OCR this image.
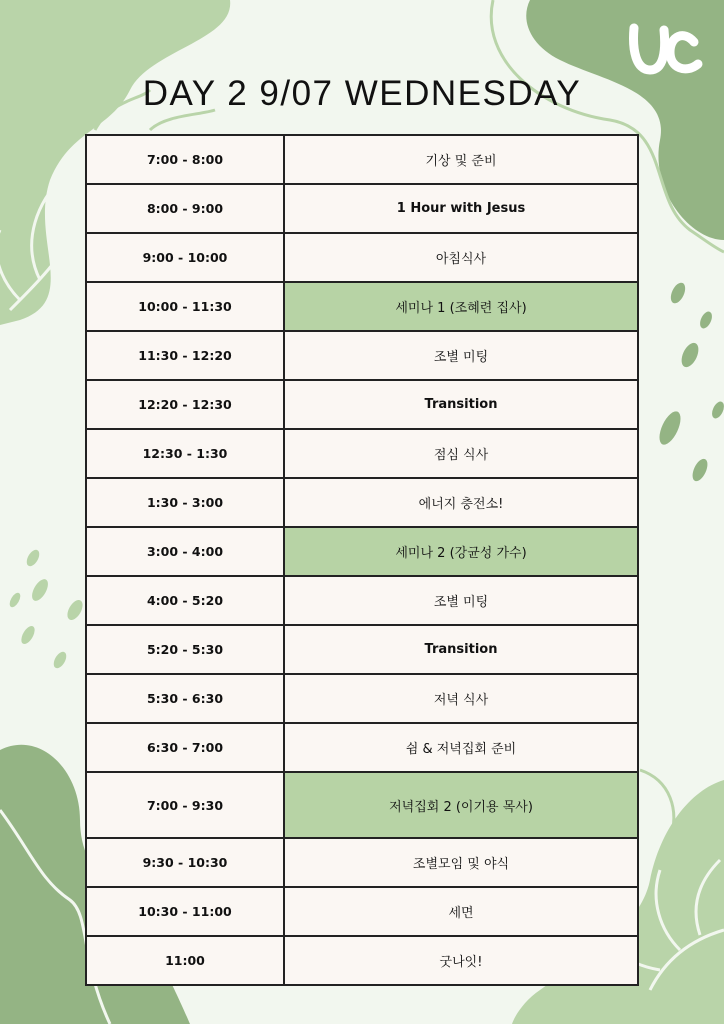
DAY 2 9/07 WEDNESDAY
7:00 - 8:00	기상 및 준비
8:00 - 9:00	1 Hour with Jesus
9:00 - 10:00	아침식사
10:00 - 11:30	세미나 1 (조혜련 집사)
11:30 - 12:20	조별 미팅
12:20 - 12:30	Transition
12:30 - 1:30	점심 식사
1:30 - 3:00	에너지 충전소!
3:00 - 4:00	세미나 2 (강균성 가수)
4:00 - 5:20	조별 미팅
5:20 - 5:30	Transition
5:30 - 6:30	저녁 식사
6:30 - 7:00	쉼 & 저녁집회 준비
7:00 - 9:30	저녁집회 2 (이기용 목사)
9:30 - 10:30	조별모임 및 야식
10:30 - 11:00	세면
11:00	굿나잇!
